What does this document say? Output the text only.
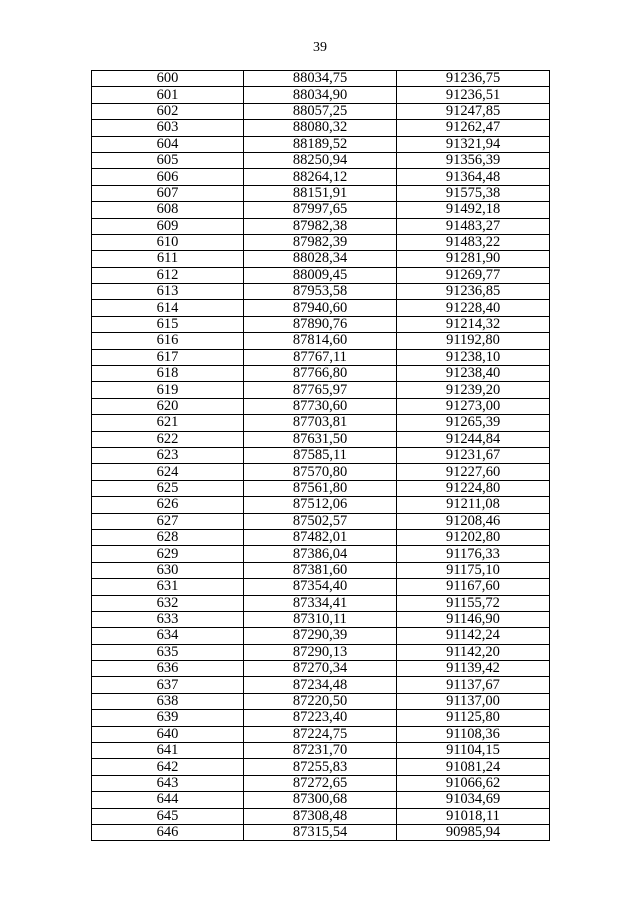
39
600	88034,75	91236,75
601	88034,90	91236,51
602	88057,25	91247,85
603	88080,32	91262,47
604	88189,52	91321,94
605	88250,94	91356,39
606	88264,12	91364,48
607	88151,91	91575,38
608	87997,65	91492,18
609	87982,38	91483,27
610	87982,39	91483,22
611	88028,34	91281,90
612	88009,45	91269,77
613	87953,58	91236,85
614	87940,60	91228,40
615	87890,76	91214,32
616	87814,60	91192,80
617	87767,11	91238,10
618	87766,80	91238,40
619	87765,97	91239,20
620	87730,60	91273,00
621	87703,81	91265,39
622	87631,50	91244,84
623	87585,11	91231,67
624	87570,80	91227,60
625	87561,80	91224,80
626	87512,06	91211,08
627	87502,57	91208,46
628	87482,01	91202,80
629	87386,04	91176,33
630	87381,60	91175,10
631	87354,40	91167,60
632	87334,41	91155,72
633	87310,11	91146,90
634	87290,39	91142,24
635	87290,13	91142,20
636	87270,34	91139,42
637	87234,48	91137,67
638	87220,50	91137,00
639	87223,40	91125,80
640	87224,75	91108,36
641	87231,70	91104,15
642	87255,83	91081,24
643	87272,65	91066,62
644	87300,68	91034,69
645	87308,48	91018,11
646	87315,54	90985,94
